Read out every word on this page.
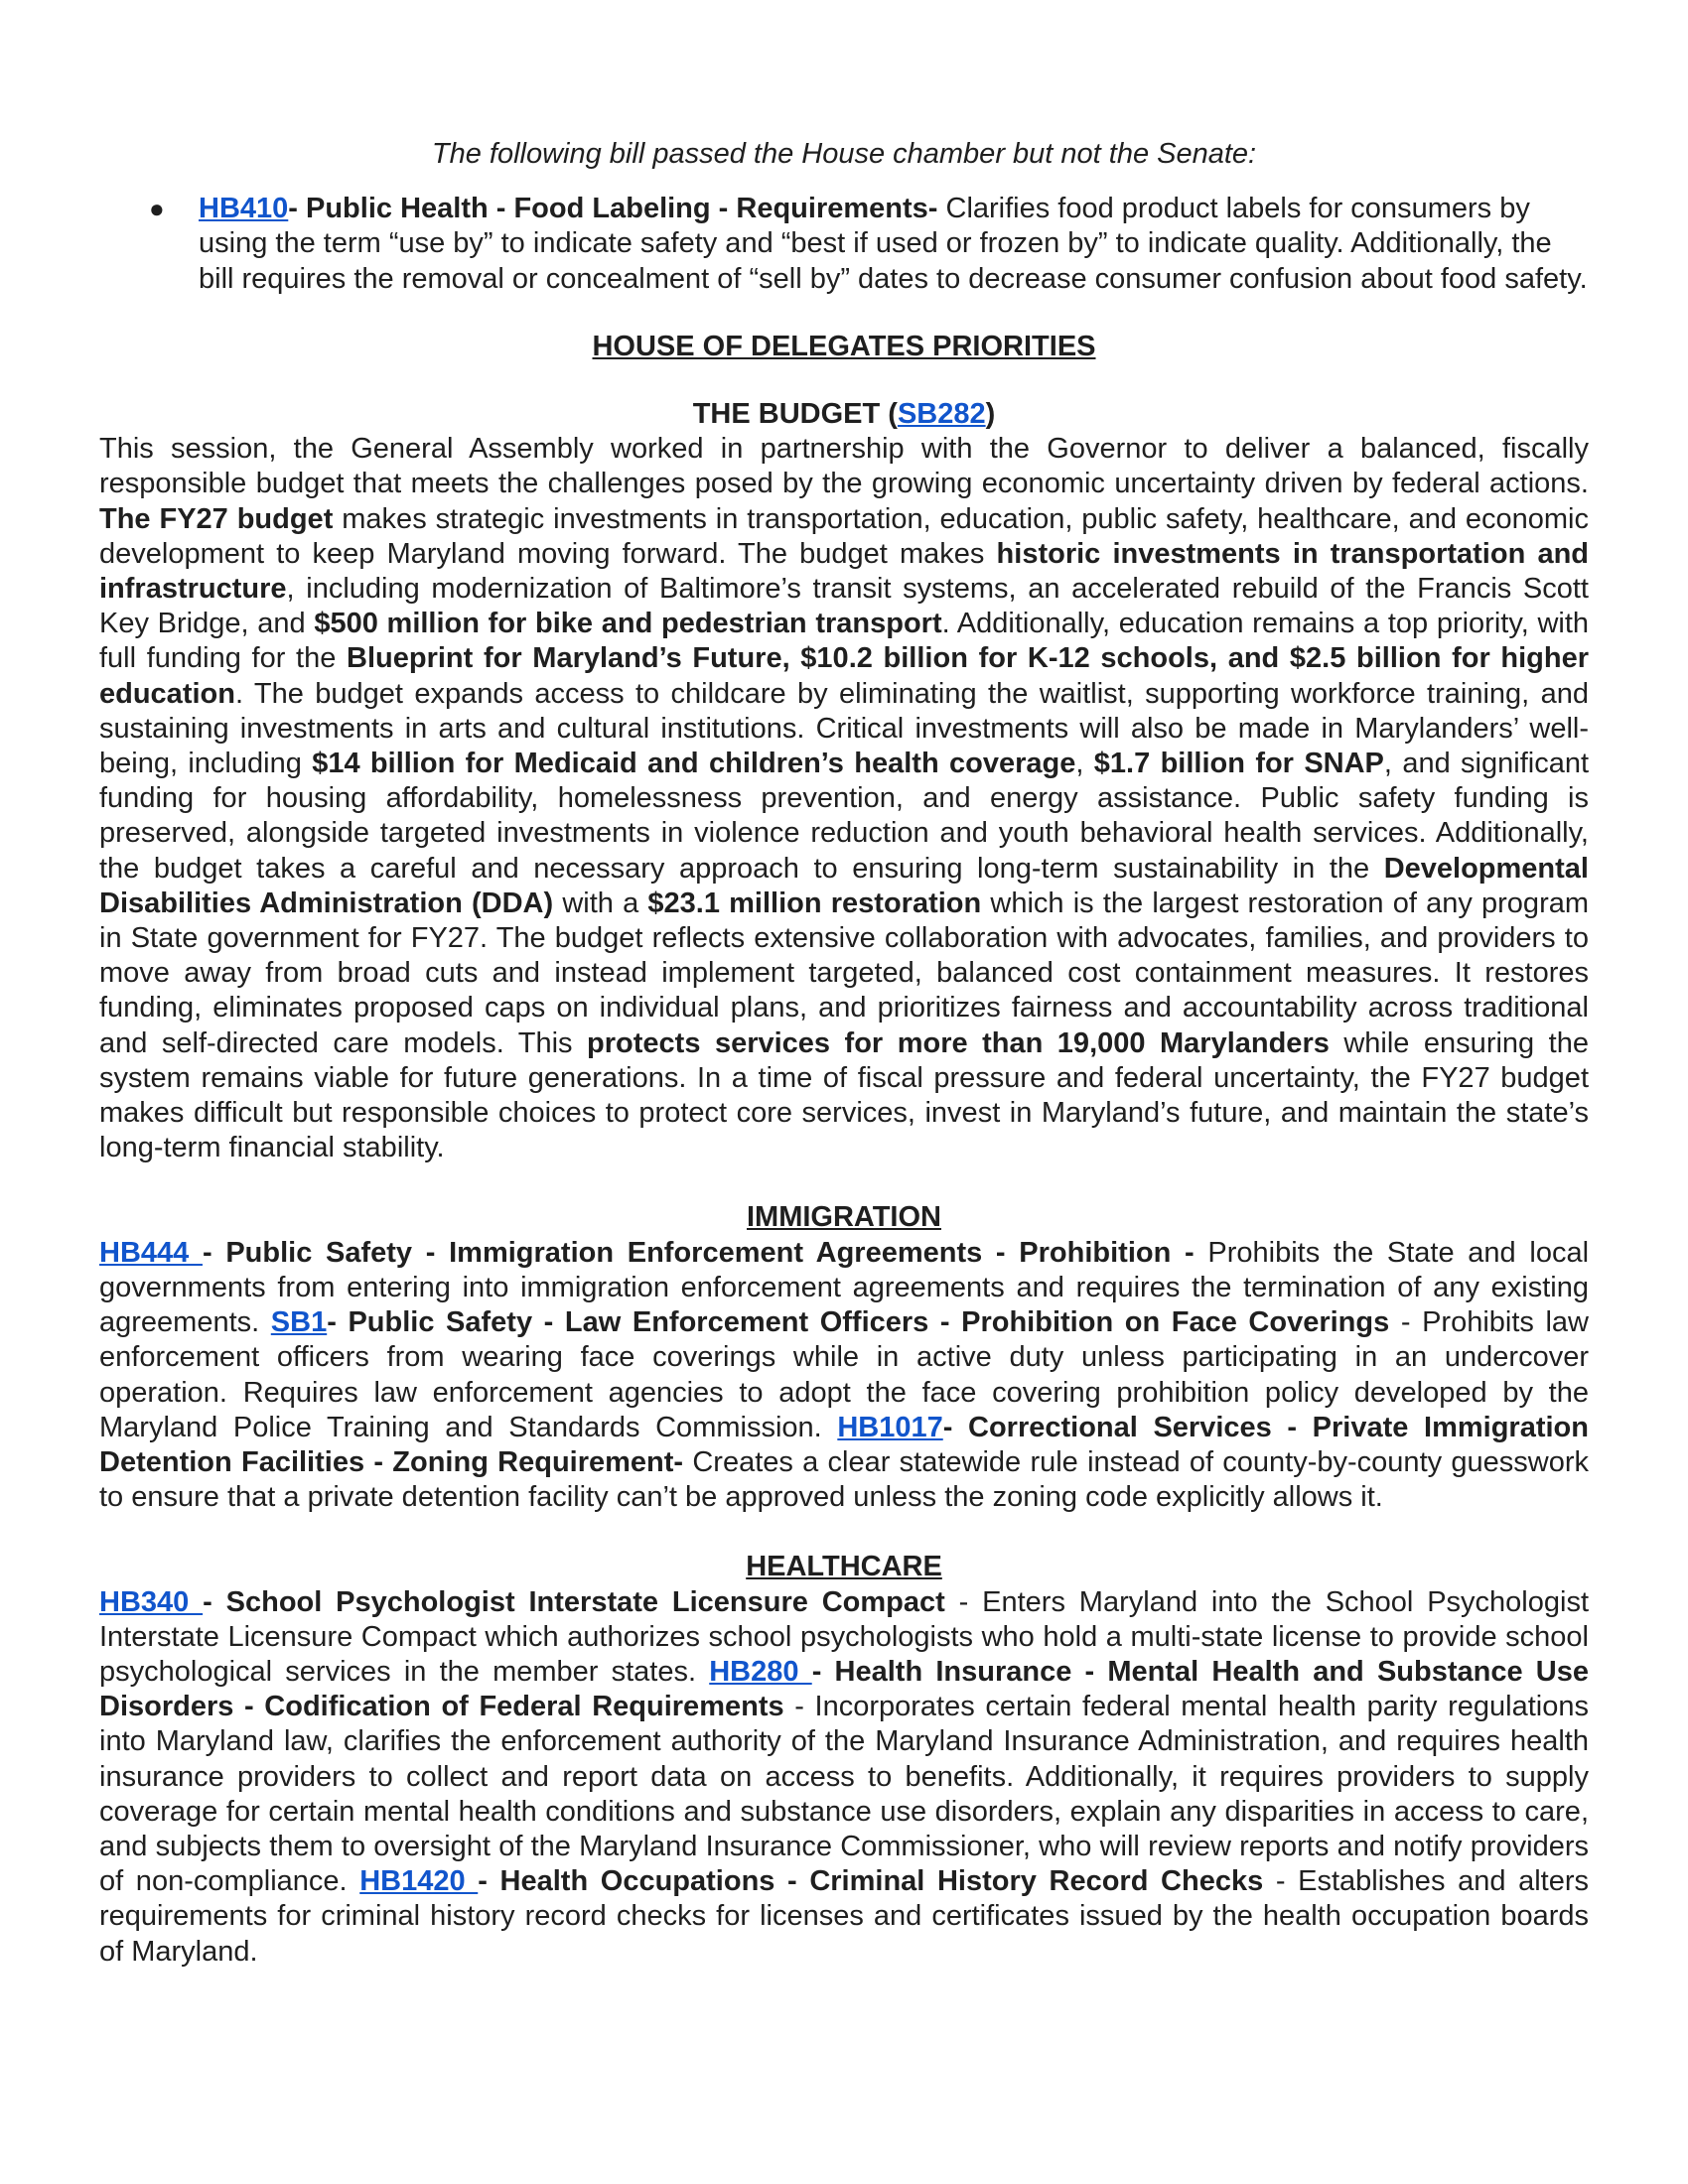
The following bill passed the House chamber but not the Senate:

● HB410- Public Health - Food Labeling - Requirements- Clarifies food product labels for consumers by using the term “use by” to indicate safety and “best if used or frozen by” to indicate quality. Additionally, the bill requires the removal or concealment of “sell by” dates to decrease consumer confusion about food safety.

HOUSE OF DELEGATES PRIORITIES

THE BUDGET (SB282)

This session, the General Assembly worked in partnership with the Governor to deliver a balanced, fiscally responsible budget that meets the challenges posed by the growing economic uncertainty driven by federal actions. The FY27 budget makes strategic investments in transportation, education, public safety, healthcare, and economic development to keep Maryland moving forward. The budget makes historic investments in transportation and infrastructure, including modernization of Baltimore’s transit systems, an accelerated rebuild of the Francis Scott Key Bridge, and $500 million for bike and pedestrian transport. Additionally, education remains a top priority, with full funding for the Blueprint for Maryland’s Future, $10.2 billion for K-12 schools, and $2.5 billion for higher education. The budget expands access to childcare by eliminating the waitlist, supporting workforce training, and sustaining investments in arts and cultural institutions. Critical investments will also be made in Marylanders’ well-being, including $14 billion for Medicaid and children’s health coverage, $1.7 billion for SNAP, and significant funding for housing affordability, homelessness prevention, and energy assistance. Public safety funding is preserved, alongside targeted investments in violence reduction and youth behavioral health services. Additionally, the budget takes a careful and necessary approach to ensuring long-term sustainability in the Developmental Disabilities Administration (DDA) with a $23.1 million restoration which is the largest restoration of any program in State government for FY27. The budget reflects extensive collaboration with advocates, families, and providers to move away from broad cuts and instead implement targeted, balanced cost containment measures. It restores funding, eliminates proposed caps on individual plans, and prioritizes fairness and accountability across traditional and self-directed care models. This protects services for more than 19,000 Marylanders while ensuring the system remains viable for future generations. In a time of fiscal pressure and federal uncertainty, the FY27 budget makes difficult but responsible choices to protect core services, invest in Maryland’s future, and maintain the state’s long-term financial stability.

IMMIGRATION

HB444 - Public Safety - Immigration Enforcement Agreements - Prohibition - Prohibits the State and local governments from entering into immigration enforcement agreements and requires the termination of any existing agreements. SB1- Public Safety - Law Enforcement Officers - Prohibition on Face Coverings - Prohibits law enforcement officers from wearing face coverings while in active duty unless participating in an undercover operation. Requires law enforcement agencies to adopt the face covering prohibition policy developed by the Maryland Police Training and Standards Commission. HB1017- Correctional Services - Private Immigration Detention Facilities - Zoning Requirement- Creates a clear statewide rule instead of county-by-county guesswork to ensure that a private detention facility can’t be approved unless the zoning code explicitly allows it.

HEALTHCARE

HB340 - School Psychologist Interstate Licensure Compact - Enters Maryland into the School Psychologist Interstate Licensure Compact which authorizes school psychologists who hold a multi-state license to provide school psychological services in the member states. HB280 - Health Insurance - Mental Health and Substance Use Disorders - Codification of Federal Requirements - Incorporates certain federal mental health parity regulations into Maryland law, clarifies the enforcement authority of the Maryland Insurance Administration, and requires health insurance providers to collect and report data on access to benefits. Additionally, it requires providers to supply coverage for certain mental health conditions and substance use disorders, explain any disparities in access to care, and subjects them to oversight of the Maryland Insurance Commissioner, who will review reports and notify providers of non-compliance. HB1420 - Health Occupations - Criminal History Record Checks - Establishes and alters requirements for criminal history record checks for licenses and certificates issued by the health occupation boards of Maryland.
